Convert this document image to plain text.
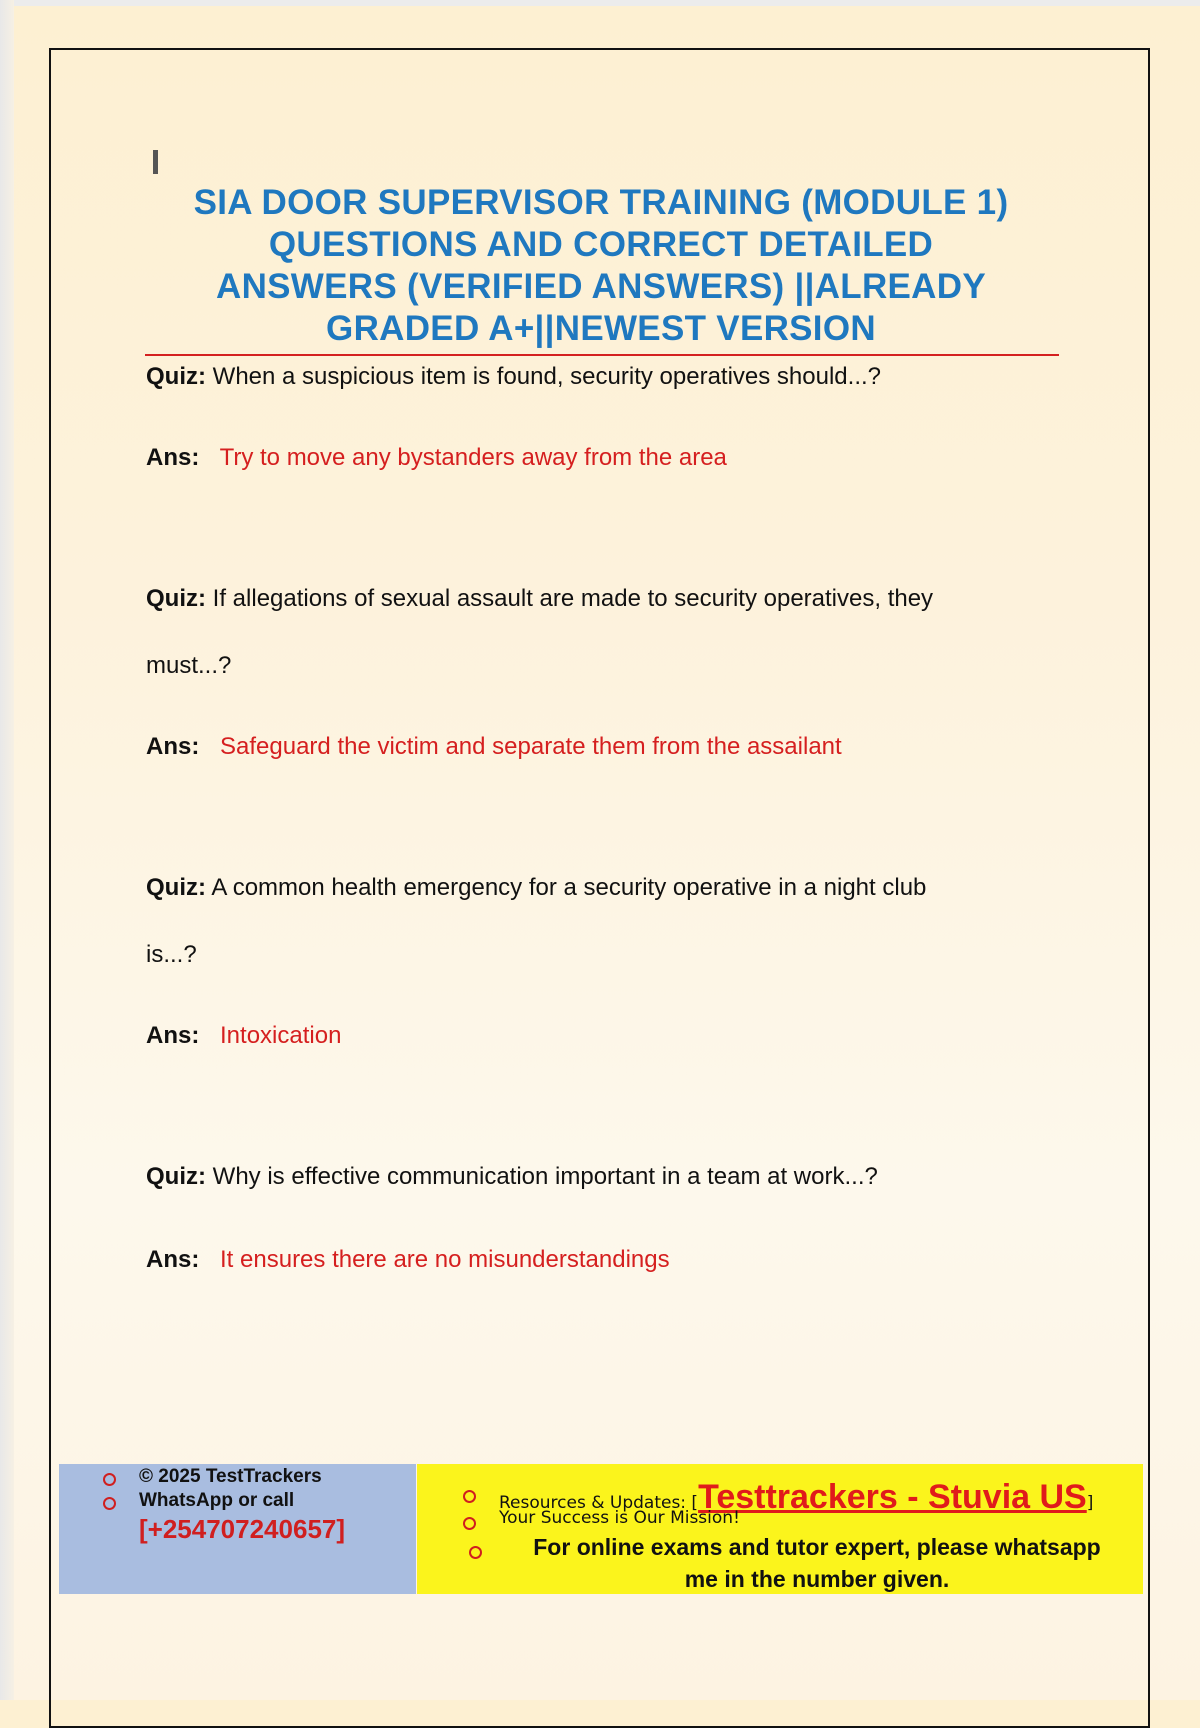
SIA DOOR SUPERVISOR TRAINING (MODULE 1)
QUESTIONS AND CORRECT DETAILED
ANSWERS (VERIFIED ANSWERS) ||ALREADY
GRADED A+||NEWEST VERSION
Quiz: When a suspicious item is found, security operatives should...?
Ans: Try to move any bystanders away from the area
Quiz: If allegations of sexual assault are made to security operatives, they
must...?
Ans: Safeguard the victim and separate them from the assailant
Quiz: A common health emergency for a security operative in a night club
is...?
Ans: Intoxication
Quiz: Why is effective communication important in a team at work...?
Ans: It ensures there are no misunderstandings
© 2025 TestTrackers
WhatsApp or call
[+254707240657]
Resources & Updates: [Testtrackers - Stuvia US]
Your Success is Our Mission!
For online exams and tutor expert, please whatsapp
me in the number given.
